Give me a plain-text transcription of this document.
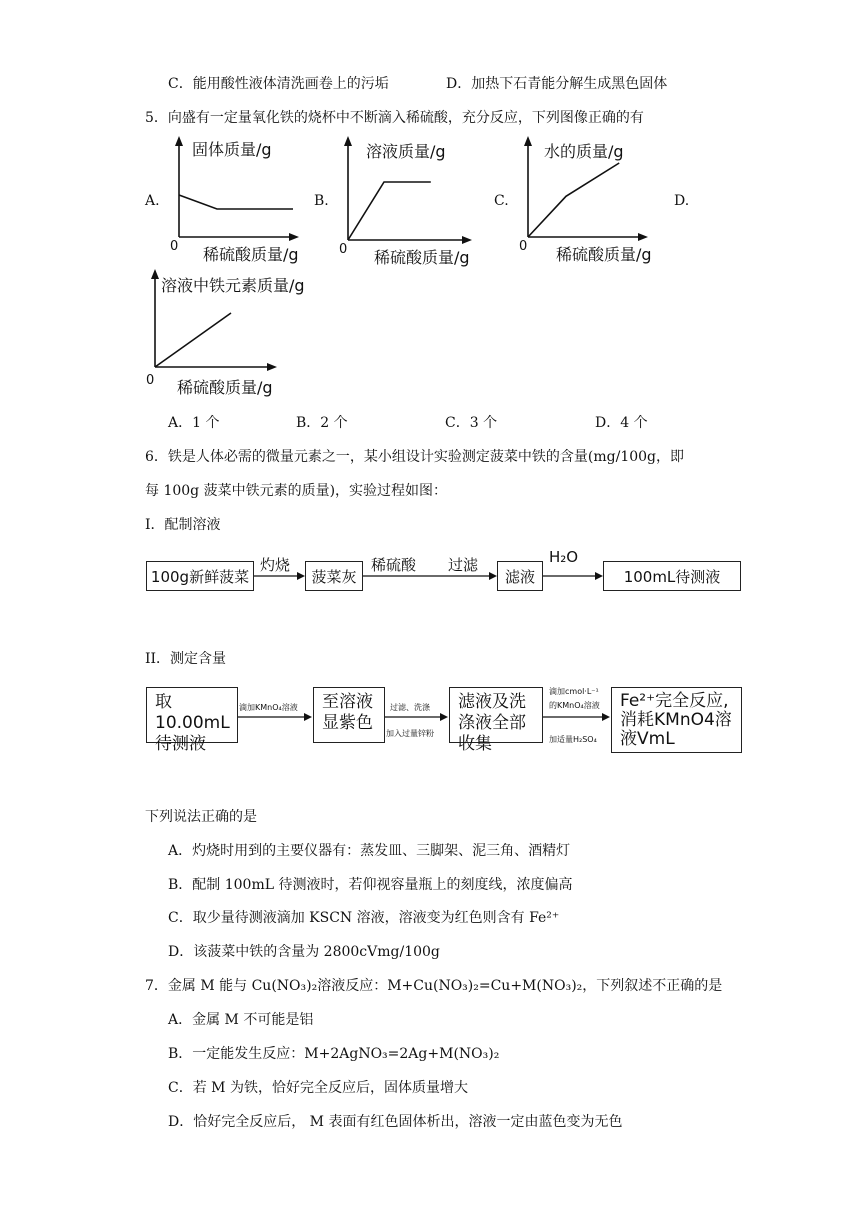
C．能用酸性液体清洗画卷上的污垢	D．加热下石青能分解生成黑色固体
5．向盛有一定量氧化铁的烧杯中不断滴入稀硫酸，充分反应，下列图像正确的有
A.	B.	C.	D.
固体质量/g
稀硫酸质量/g
0
溶液质量/g
稀硫酸质量/g
0
水的质量/g
稀硫酸质量/g
0
溶液中铁元素质量/g
稀硫酸质量/g
0
A．1 个	B．2 个	C．3 个	D．4 个
6．铁是人体必需的微量元素之一，某小组设计实验测定菠菜中铁的含量(mg/100g，即
每 100g 菠菜中铁元素的质量)，实验过程如图：
I．配制溶液
100g新鲜菠菜	菠菜灰	滤液	100mL待测液
灼烧	稀硫酸 过滤	H₂O
II．测定含量
取10.00mL待测液
至溶液显紫色
滤液及洗涤液全部收集
Fe²⁺完全反应,消耗KMnO4溶液VmL
滴加KMnO₄溶液	过滤、洗涤
加入过量锌粉
滴加cmol·L⁻¹
的KMnO₄溶液
加适量H₂SO₄
下列说法正确的是
A．灼烧时用到的主要仪器有：蒸发皿、三脚架、泥三角、酒精灯
B．配制 100mL 待测液时，若仰视容量瓶上的刻度线，浓度偏高
C．取少量待测液滴加 KSCN 溶液，溶液变为红色则含有 Fe²⁺
D．该菠菜中铁的含量为 2800cVmg/100g
7．金属 M 能与 Cu(NO₃)₂溶液反应：M+Cu(NO₃)₂=Cu+M(NO₃)₂，下列叙述不正确的是
A．金属 M 不可能是铝
B．一定能发生反应：M+2AgNO₃=2Ag+M(NO₃)₂
C．若 M 为铁，恰好完全反应后，固体质量增大
D．恰好完全反应后， M 表面有红色固体析出，溶液一定由蓝色变为无色
